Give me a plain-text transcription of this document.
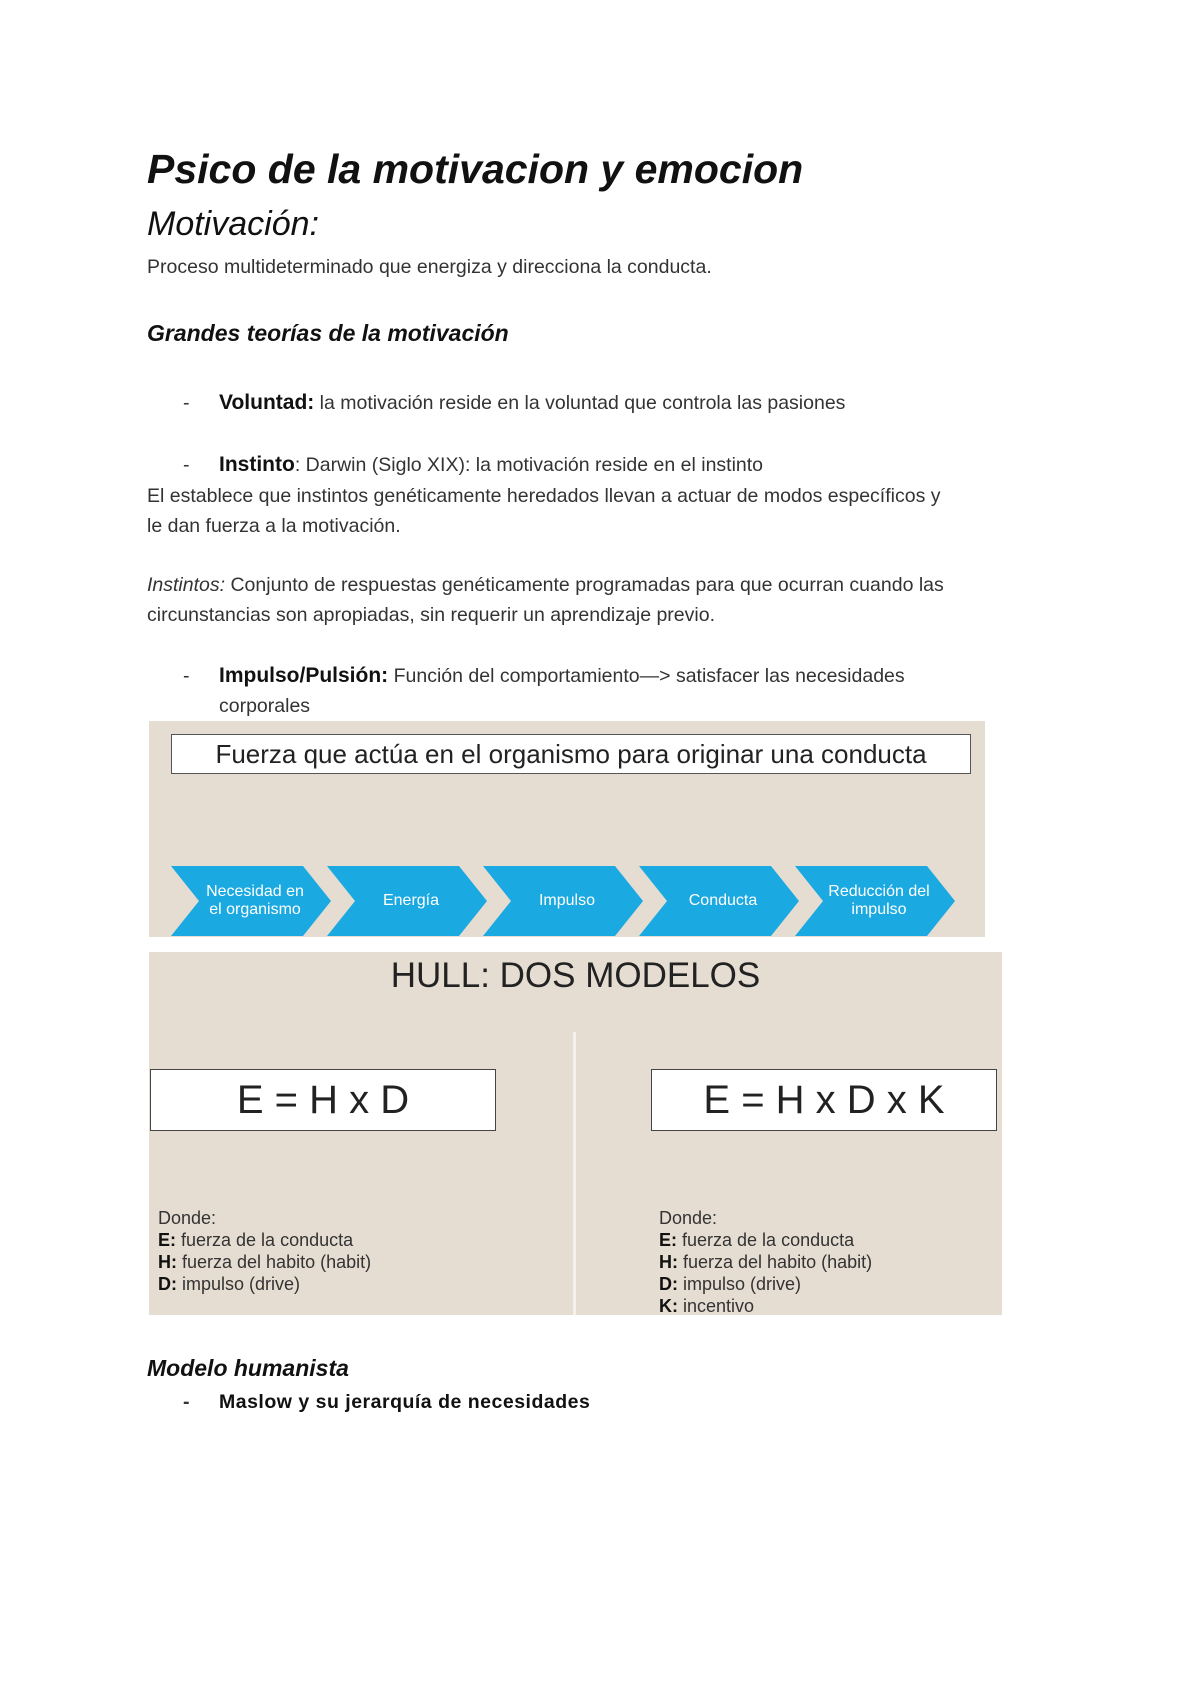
Psico de la motivacion y emocion
Motivación:
Proceso multideterminado que energiza y direcciona la conducta.
Grandes teorías de la motivación
- Voluntad: la motivación reside en la voluntad que controla las pasiones
- Instinto: Darwin (Siglo XIX): la motivación reside en el instinto
El establece que instintos genéticamente heredados llevan a actuar de modos específicos y
le dan fuerza a la motivación.
Instintos: Conjunto de respuestas genéticamente programadas para que ocurran cuando las
circunstancias son apropiadas, sin requerir un aprendizaje previo.
- Impulso/Pulsión: Función del comportamiento—> satisfacer las necesidades
corporales
Fuerza que actúa en el organismo para originar una conducta
Necesidad en el organismo
Energía	Impulso	Conducta
Reducción del impulso
HULL: DOS MODELOS
E = H x D	E = H x D x K
Donde:
E: fuerza de la conducta
H: fuerza del habito (habit)
D: impulso (drive)
Donde:
E: fuerza de la conducta
H: fuerza del habito (habit)
D: impulso (drive)
K: incentivo
Modelo humanista
- Maslow y su jerarquía de necesidades
